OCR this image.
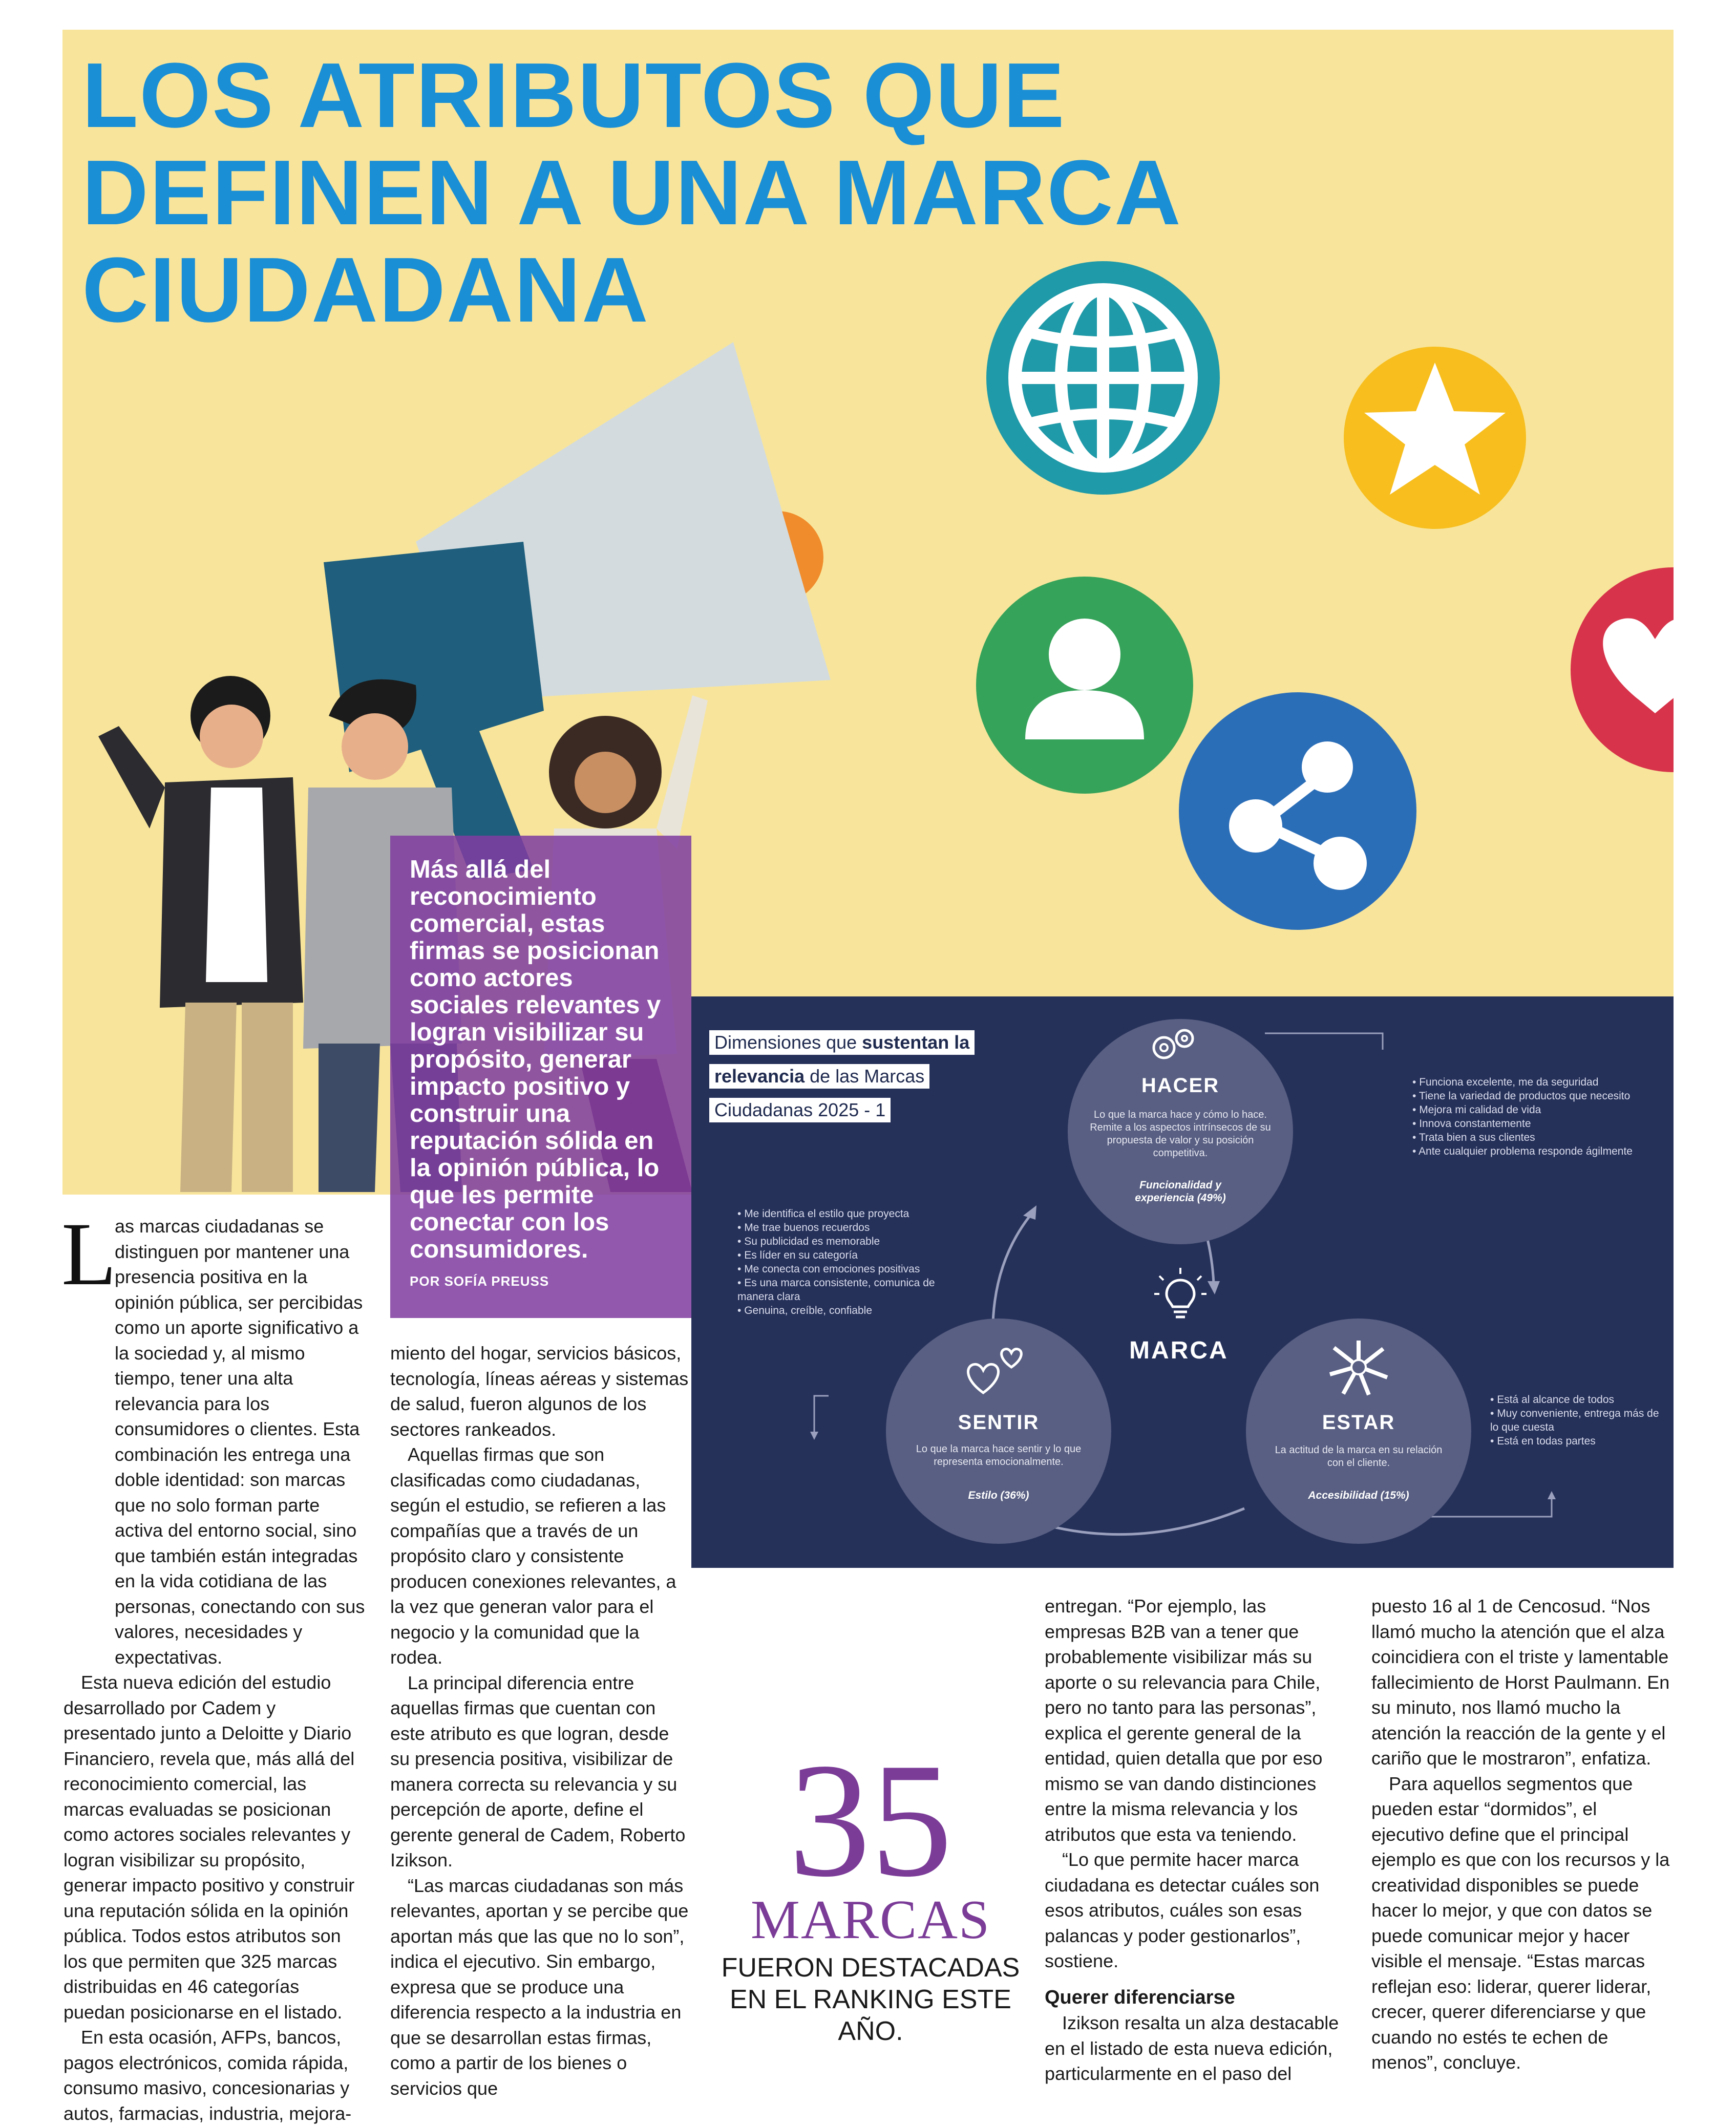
LOS ATRIBUTOS QUE DEFINEN A UNA MARCA CIUDADANA
Más allá del reconocimiento comercial, estas firmas se posicionan como actores sociales relevantes y logran visibilizar su propósito, generar impacto positivo y construir una reputación sólida en la opinión pública, lo que les permite conectar con los consumidores.
POR SOFÍA PREUSS
Dimensiones que sustentan la
relevancia de las Marcas
Ciudadanas 2025 - 1
HACER
Lo que la marca hace y cómo lo hace. Remite a los aspectos intrínsecos de su propuesta de valor y su posición competitiva.
Funcionalidad y experiencia (49%)
• Funciona excelente, me da seguridad
• Tiene la variedad de productos que necesito
• Mejora mi calidad de vida
• Innova constantemente
• Trata bien a sus clientes
• Ante cualquier problema responde ágilmente
MARCA
SENTIR
Lo que la marca hace sentir y lo que representa emocionalmente.
Estilo (36%)
• Me identifica el estilo que proyecta
• Me trae buenos recuerdos
• Su publicidad es memorable
• Es líder en su categoría
• Me conecta con emociones positivas
• Es una marca consistente, comunica de manera clara
• Genuina, creíble, confiable
ESTAR
La actitud de la marca en su relación con el cliente.
Accesibilidad (15%)
• Está al alcance de todos
• Muy conveniente, entrega más de lo que cuesta
• Está en todas partes
L

as marcas ciudadanas se distinguen por mantener una presencia positiva en la opinión pública, ser percibidas como un aporte significativo a la sociedad y, al mismo tiempo, tener una alta relevancia para los consumidores o clientes. Esta combinación les entrega una doble identidad: son marcas que no solo forman parte activa del entorno social, sino que también están integradas en la vida cotidiana de las personas, conectando con sus valores, necesidades y expectativas.

Esta nueva edición del estudio desarrollado por Cadem y presentado junto a Deloitte y Diario Financiero, revela que, más allá del reconocimiento comercial, las marcas evaluadas se posicionan como actores sociales relevantes y logran visibilizar su propósito, generar impacto positivo y construir una reputación sólida en la opinión pública. Todos estos atributos son los que permiten que 325 marcas distribuidas en 46 categorías puedan posicionarse en el listado.

En esta ocasión, AFPs, bancos, pagos electrónicos, comida rápida, consumo masivo, concesionarias y autos, farmacias, industria, mejora-

miento del hogar, servicios básicos, tecnología, líneas aéreas y sistemas de salud, fueron algunos de los sectores rankeados.

Aquellas firmas que son clasificadas como ciudadanas, según el estudio, se refieren a las compañías que a través de un propósito claro y consistente producen conexiones relevantes, a la vez que generan valor para el negocio y la comunidad que la rodea.

La principal diferencia entre aquellas firmas que cuentan con este atributo es que logran, desde su presencia positiva, visibilizar de manera correcta su relevancia y su percepción de aporte, define el gerente general de Cadem, Roberto Izikson.

“Las marcas ciudadanas son más relevantes, aportan y se percibe que aportan más que las que no lo son”, indica el ejecutivo. Sin embargo, expresa que se produce una diferencia respecto a la industria en que se desarrollan estas firmas, como a partir de los bienes o servicios que

entregan. “Por ejemplo, las empresas B2B van a tener que probablemente visibilizar más su aporte o su relevancia para Chile, pero no tanto para las personas”, explica el gerente general de la entidad, quien detalla que por eso mismo se van dando distinciones entre la misma relevancia y los atributos que esta va teniendo.

“Lo que permite hacer marca ciudadana es detectar cuáles son esos atributos, cuáles son esas palancas y poder gestionarlos”, sostiene.

Querer diferenciarse

Izikson resalta un alza destacable en el listado de esta nueva edición, particularmente en el paso del

puesto 16 al 1 de Cencosud. “Nos llamó mucho la atención que el alza coincidiera con el triste y lamentable fallecimiento de Horst Paulmann. En su minuto, nos llamó mucho la atención la reacción de la gente y el cariño que le mostraron”, enfatiza.

Para aquellos segmentos que pueden estar “dormidos”, el ejecutivo define que el principal ejemplo es que con los recursos y la creatividad disponibles se puede hacer lo mejor, y que con datos se puede comunicar mejor y hacer visible el mensaje. “Estas marcas reflejan eso: liderar, querer liderar, crecer, querer diferenciarse y que cuando no estés te echen de menos”, concluye.

35
MARCAS
FUERON DESTACADAS EN EL RANKING ESTE AÑO.
